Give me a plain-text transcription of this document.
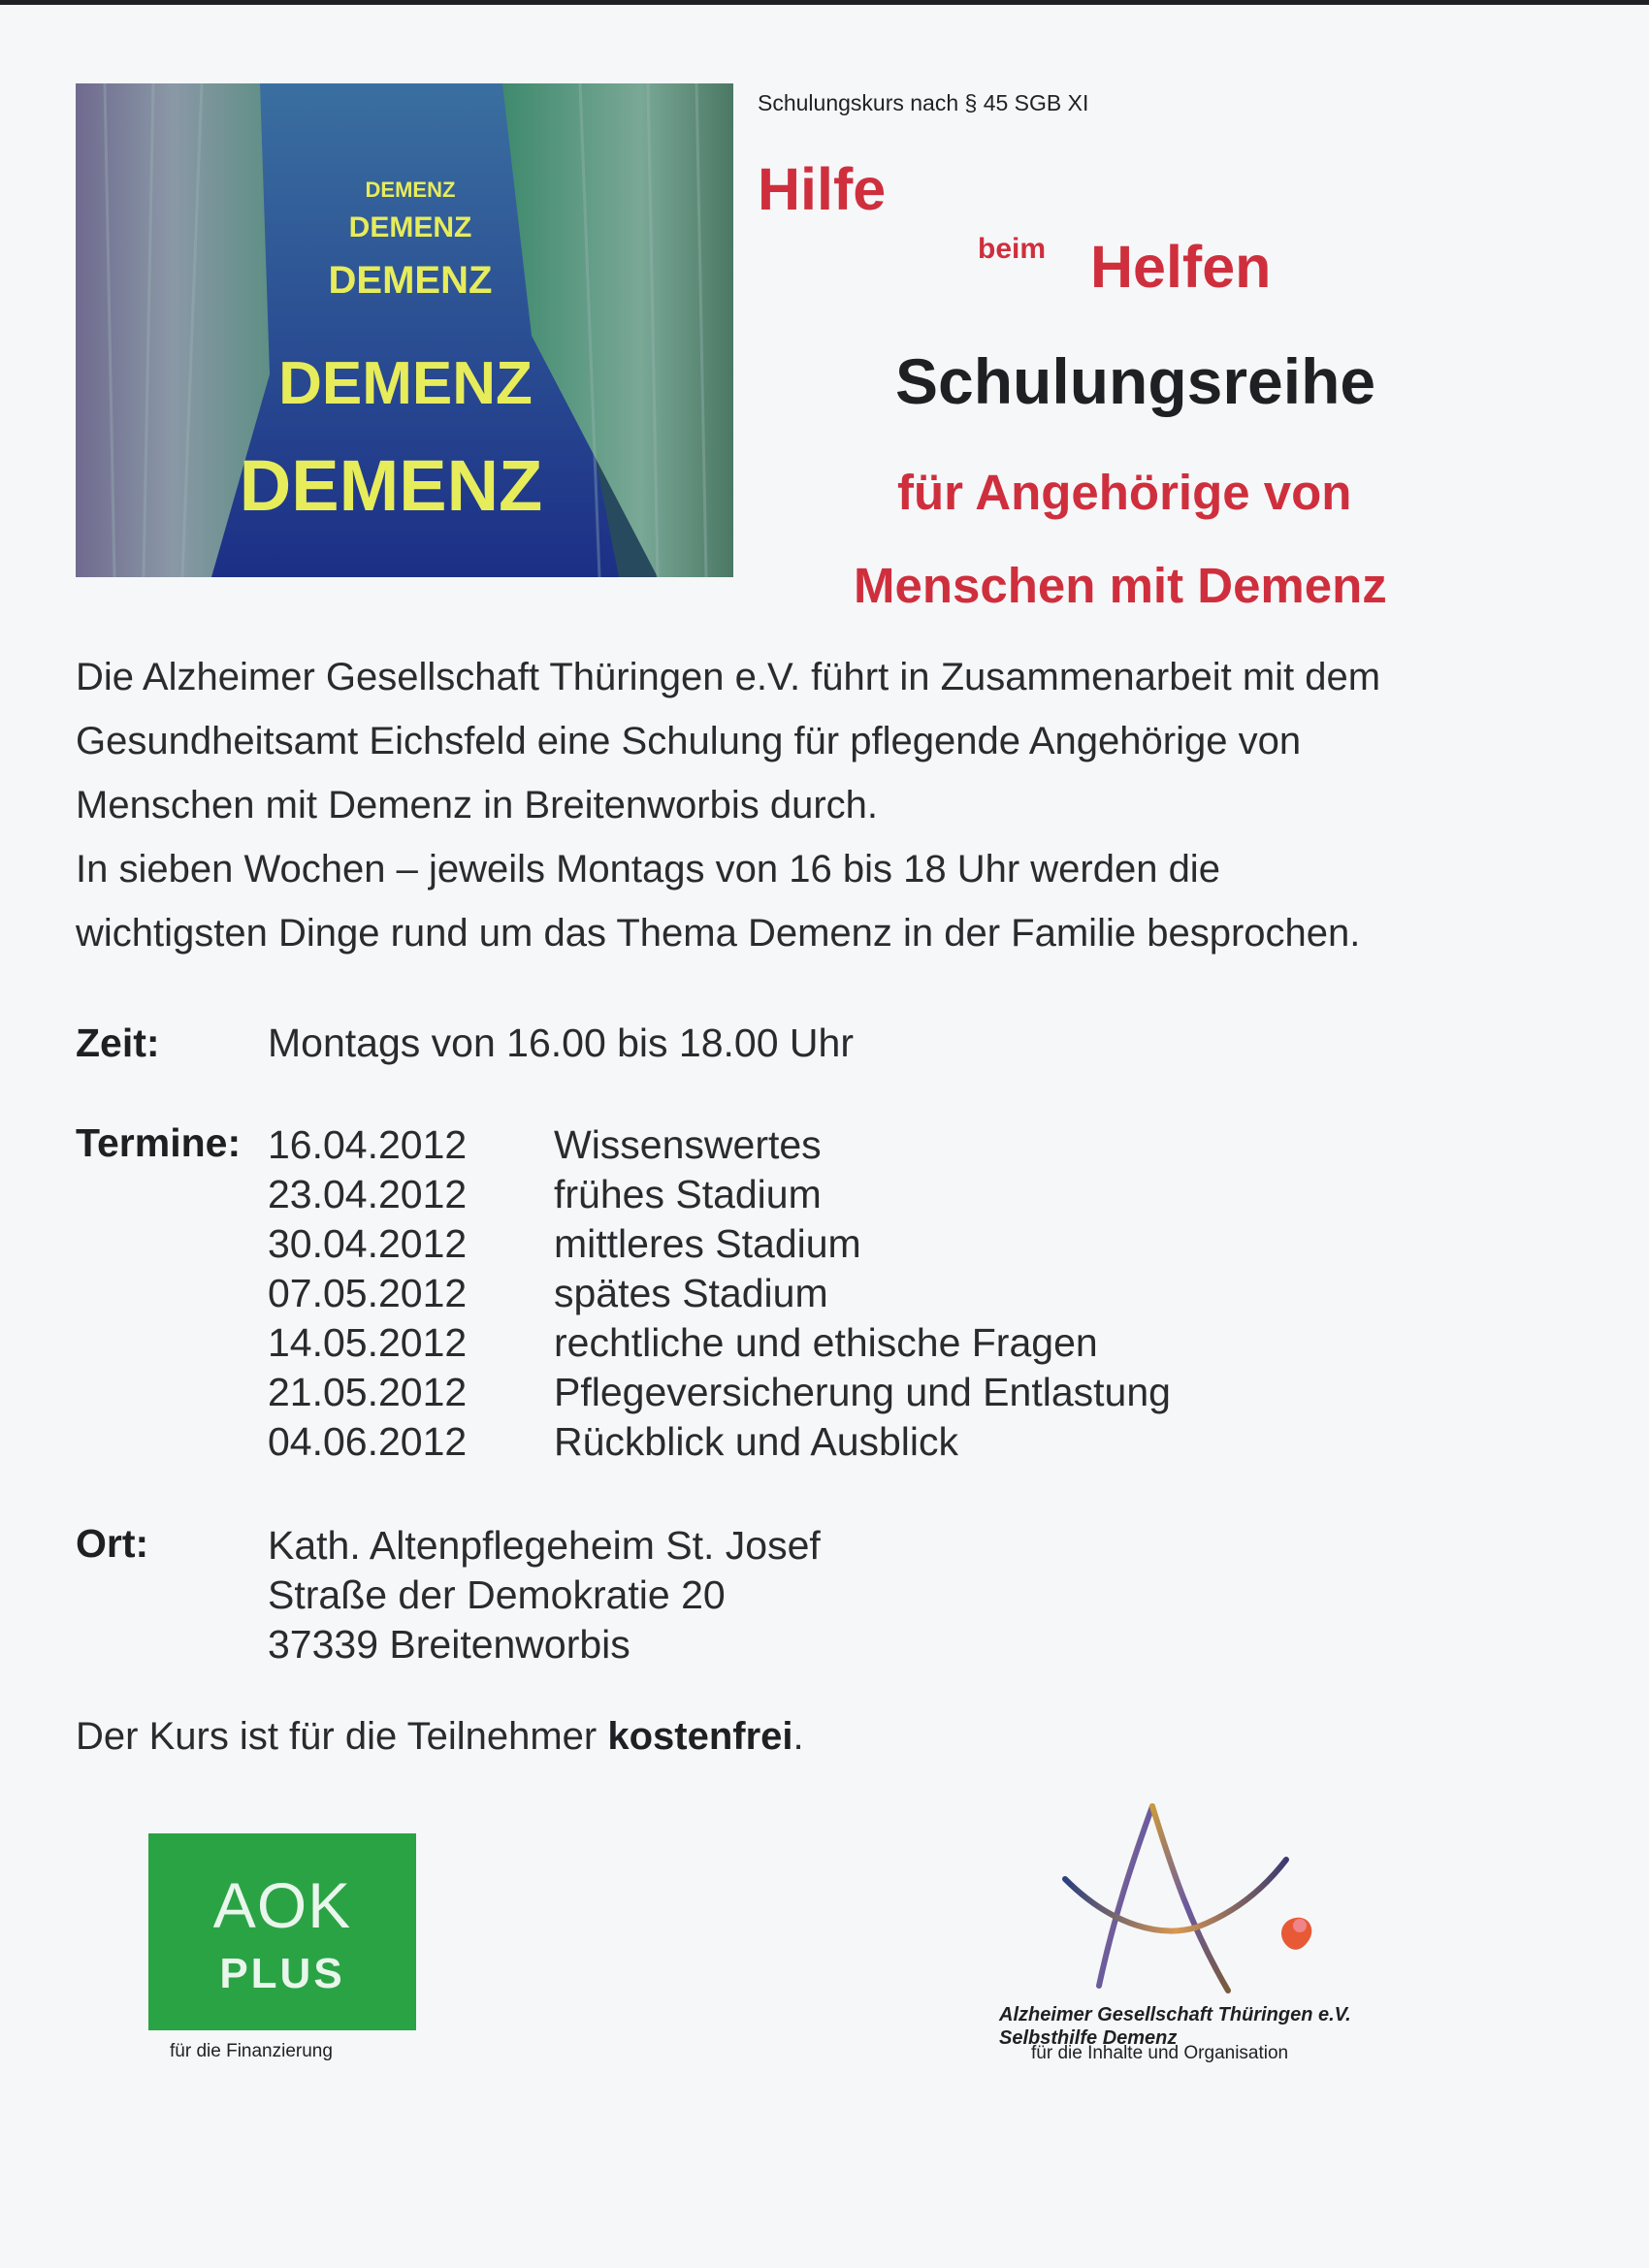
DEMENZ
DEMENZ
DEMENZ
DEMENZ
DEMENZ
Schulungskurs nach § 45 SGB XI
Hilfe
beim Helfen
Schulungsreihe
für Angehörige von
Menschen mit Demenz

Die Alzheimer Gesellschaft Thüringen e.V. führt in Zusammenarbeit mit dem

Gesundheitsamt Eichsfeld eine Schulung für pflegende Angehörige von

Menschen mit Demenz in Breitenworbis durch.

In sieben Wochen – jeweils Montags von 16 bis 18 Uhr werden die

wichtigsten Dinge rund um das Thema Demenz in der Familie besprochen.

Zeit:	Montags von 16.00 bis 18.00 Uhr
Termine: 16.04.2012
23.04.2012
30.04.2012
07.05.2012
14.05.2012
21.05.2012
04.06.2012
Wissenswertes
frühes Stadium
mittleres Stadium
spätes Stadium
rechtliche und ethische Fragen
Pflegeversicherung und Entlastung
Rückblick und Ausblick
Ort:	Kath. Altenpflegeheim St. Josef
Straße der Demokratie 20
37339 Breitenworbis
Der Kurs ist für die Teilnehmer kostenfrei.
AOK
PLUS
für die Finanzierung
Alzheimer Gesellschaft Thüringen e.V.
Selbsthilfe Demenz
für die Inhalte und Organisation
